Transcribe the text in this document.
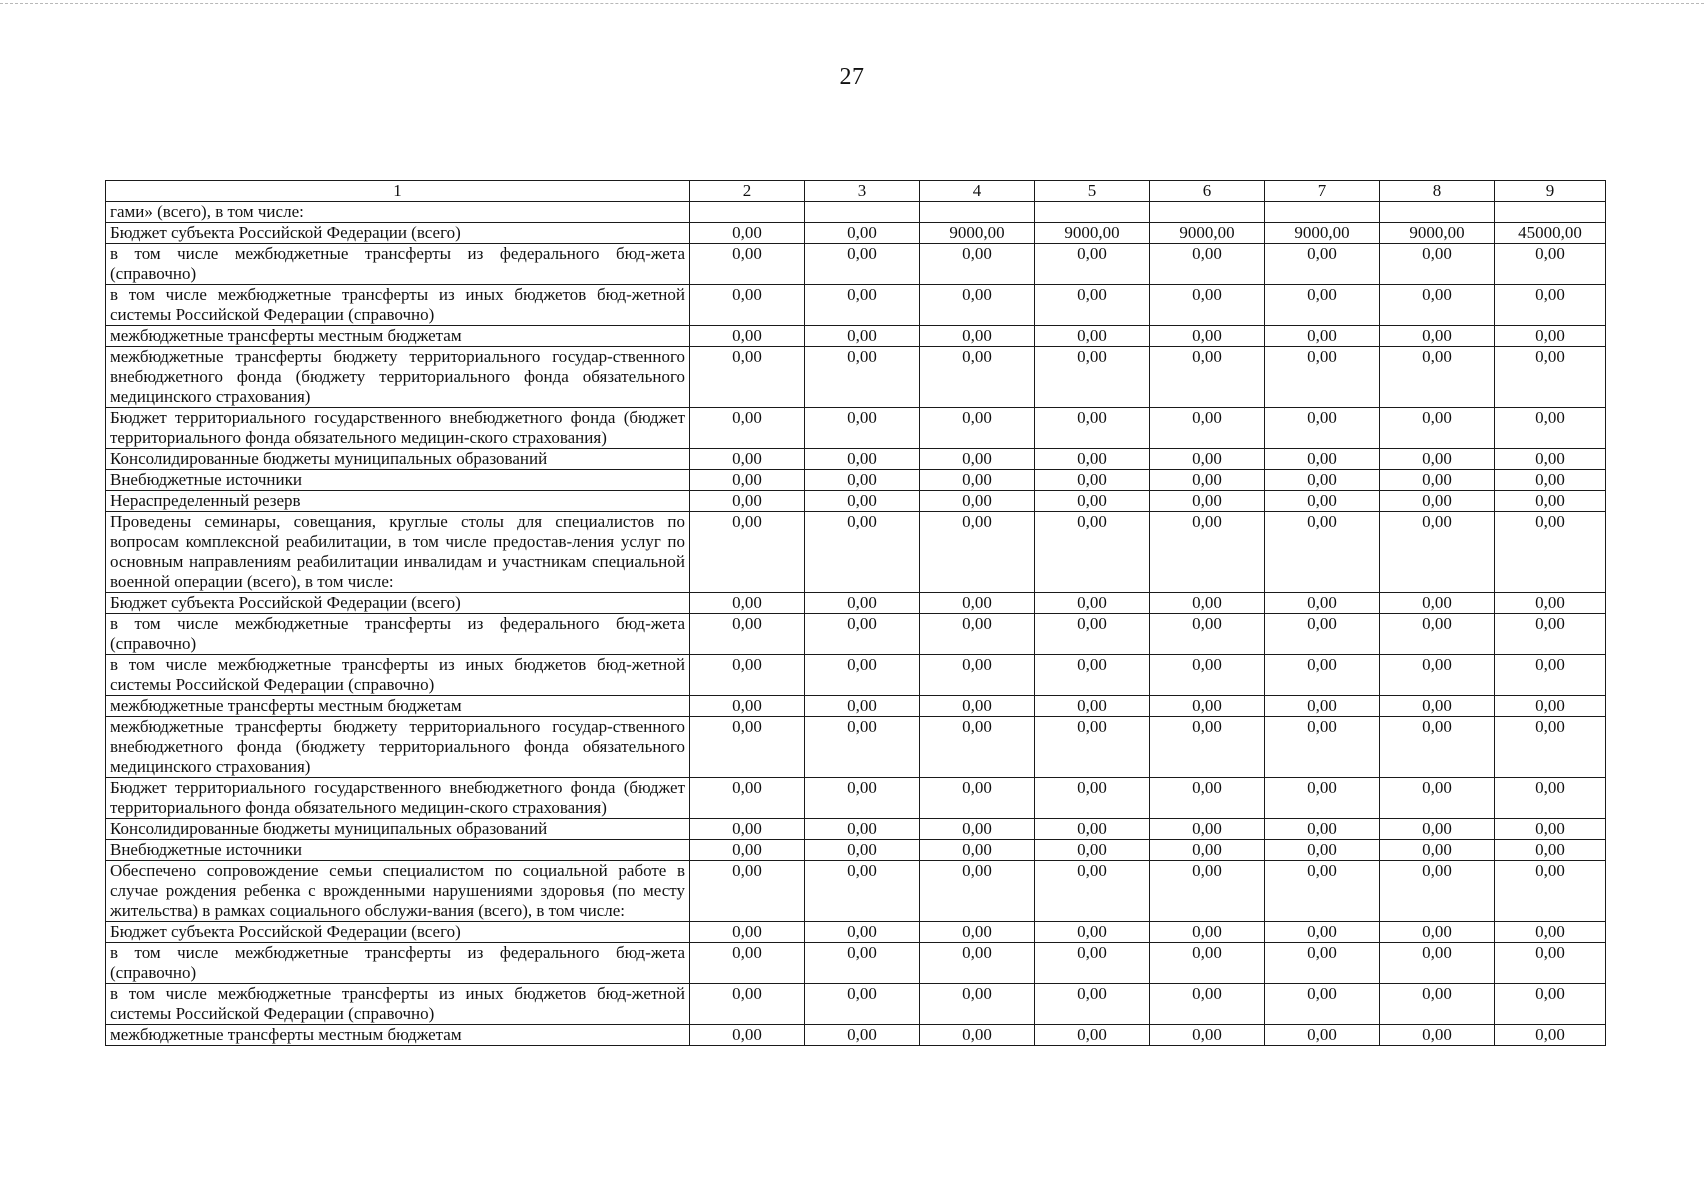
27
1	2	3	4	5	6	7	8	9
гами» (всего), в том числе:								
Бюджет субъекта Российской Федерации (всего)	0,00	0,00	9000,00	9000,00	9000,00	9000,00	9000,00	45000,00
в том числе межбюджетные трансферты из федерального бюд-жета (справочно)	0,00	0,00	0,00	0,00	0,00	0,00	0,00	0,00
в том числе межбюджетные трансферты из иных бюджетов бюд-жетной системы Российской Федерации (справочно)	0,00	0,00	0,00	0,00	0,00	0,00	0,00	0,00
межбюджетные трансферты местным бюджетам	0,00	0,00	0,00	0,00	0,00	0,00	0,00	0,00
межбюджетные трансферты бюджету территориального государ-ственного внебюджетного фонда (бюджету территориального фонда обязательного медицинского страхования)	0,00	0,00	0,00	0,00	0,00	0,00	0,00	0,00
Бюджет территориального государственного внебюджетного фонда (бюджет территориального фонда обязательного медицин-ского страхования)	0,00	0,00	0,00	0,00	0,00	0,00	0,00	0,00
Консолидированные бюджеты муниципальных образований	0,00	0,00	0,00	0,00	0,00	0,00	0,00	0,00
Внебюджетные источники	0,00	0,00	0,00	0,00	0,00	0,00	0,00	0,00
Нераспределенный резерв	0,00	0,00	0,00	0,00	0,00	0,00	0,00	0,00
Проведены семинары, совещания, круглые столы для специалистов по вопросам комплексной реабилитации, в том числе предостав-ления услуг по основным направлениям реабилитации инвалидам и участникам специальной военной операции (всего), в том числе:	0,00	0,00	0,00	0,00	0,00	0,00	0,00	0,00
Бюджет субъекта Российской Федерации (всего)	0,00	0,00	0,00	0,00	0,00	0,00	0,00	0,00
в том числе межбюджетные трансферты из федерального бюд-жета (справочно)	0,00	0,00	0,00	0,00	0,00	0,00	0,00	0,00
в том числе межбюджетные трансферты из иных бюджетов бюд-жетной системы Российской Федерации (справочно)	0,00	0,00	0,00	0,00	0,00	0,00	0,00	0,00
межбюджетные трансферты местным бюджетам	0,00	0,00	0,00	0,00	0,00	0,00	0,00	0,00
межбюджетные трансферты бюджету территориального государ-ственного внебюджетного фонда (бюджету территориального фонда обязательного медицинского страхования)	0,00	0,00	0,00	0,00	0,00	0,00	0,00	0,00
Бюджет территориального государственного внебюджетного фонда (бюджет территориального фонда обязательного медицин-ского страхования)	0,00	0,00	0,00	0,00	0,00	0,00	0,00	0,00
Консолидированные бюджеты муниципальных образований	0,00	0,00	0,00	0,00	0,00	0,00	0,00	0,00
Внебюджетные источники	0,00	0,00	0,00	0,00	0,00	0,00	0,00	0,00
Обеспечено сопровождение семьи специалистом по социальной работе в случае рождения ребенка с врожденными нарушениями здоровья (по месту жительства) в рамках социального обслужи-вания (всего), в том числе:	0,00	0,00	0,00	0,00	0,00	0,00	0,00	0,00
Бюджет субъекта Российской Федерации (всего)	0,00	0,00	0,00	0,00	0,00	0,00	0,00	0,00
в том числе межбюджетные трансферты из федерального бюд-жета (справочно)	0,00	0,00	0,00	0,00	0,00	0,00	0,00	0,00
в том числе межбюджетные трансферты из иных бюджетов бюд-жетной системы Российской Федерации (справочно)	0,00	0,00	0,00	0,00	0,00	0,00	0,00	0,00
межбюджетные трансферты местным бюджетам	0,00	0,00	0,00	0,00	0,00	0,00	0,00	0,00
